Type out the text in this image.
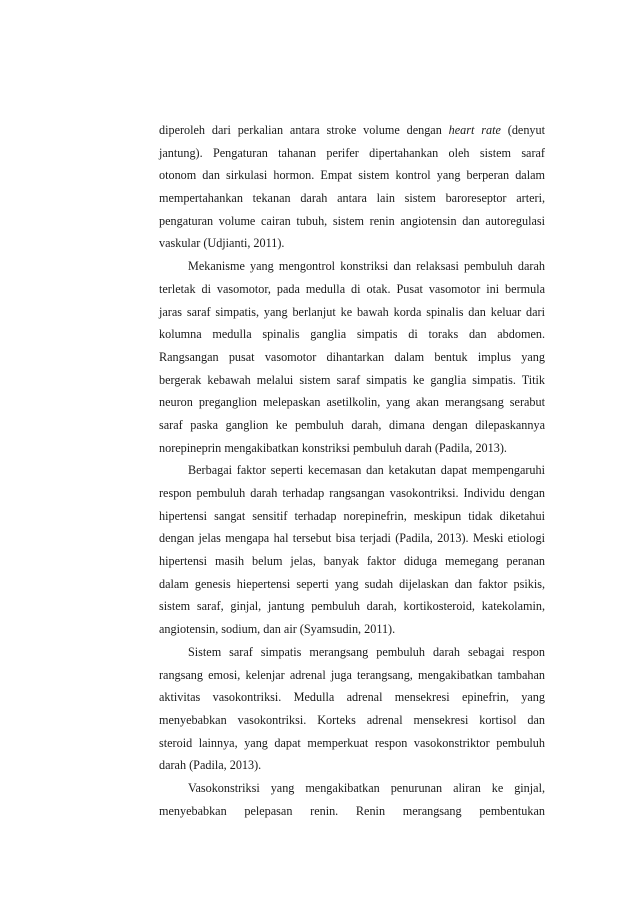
diperoleh dari perkalian antara stroke volume dengan heart rate (denyut
jantung). Pengaturan tahanan perifer dipertahankan oleh sistem saraf
otonom dan sirkulasi hormon. Empat sistem kontrol yang berperan dalam
mempertahankan tekanan darah antara lain sistem baroreseptor arteri,
pengaturan volume cairan tubuh, sistem renin angiotensin dan autoregulasi
vaskular (Udjianti, 2011).
Mekanisme yang mengontrol konstriksi dan relaksasi pembuluh darah
terletak di vasomotor, pada medulla di otak. Pusat vasomotor ini bermula
jaras saraf simpatis, yang berlanjut ke bawah korda spinalis dan keluar dari
kolumna medulla spinalis ganglia simpatis di toraks dan abdomen.
Rangsangan pusat vasomotor dihantarkan dalam bentuk implus yang
bergerak kebawah melalui sistem saraf simpatis ke ganglia simpatis. Titik
neuron preganglion melepaskan asetilkolin, yang akan merangsang serabut
saraf paska ganglion ke pembuluh darah, dimana dengan dilepaskannya
norepineprin mengakibatkan konstriksi pembuluh darah (Padila, 2013).
Berbagai faktor seperti kecemasan dan ketakutan dapat mempengaruhi
respon pembuluh darah terhadap rangsangan vasokontriksi. Individu dengan
hipertensi sangat sensitif terhadap norepinefrin, meskipun tidak diketahui
dengan jelas mengapa hal tersebut bisa terjadi (Padila, 2013). Meski etiologi
hipertensi masih belum jelas, banyak faktor diduga memegang peranan
dalam genesis hiepertensi seperti yang sudah dijelaskan dan faktor psikis,
sistem saraf, ginjal, jantung pembuluh darah, kortikosteroid, katekolamin,
angiotensin, sodium, dan air (Syamsudin, 2011).
Sistem saraf simpatis merangsang pembuluh darah sebagai respon
rangsang emosi, kelenjar adrenal juga terangsang, mengakibatkan tambahan
aktivitas vasokontriksi. Medulla adrenal mensekresi epinefrin, yang
menyebabkan vasokontriksi. Korteks adrenal mensekresi kortisol dan
steroid lainnya, yang dapat memperkuat respon vasokonstriktor pembuluh
darah (Padila, 2013).
Vasokonstriksi yang mengakibatkan penurunan aliran ke ginjal,
menyebabkan pelepasan renin. Renin merangsang pembentukan
